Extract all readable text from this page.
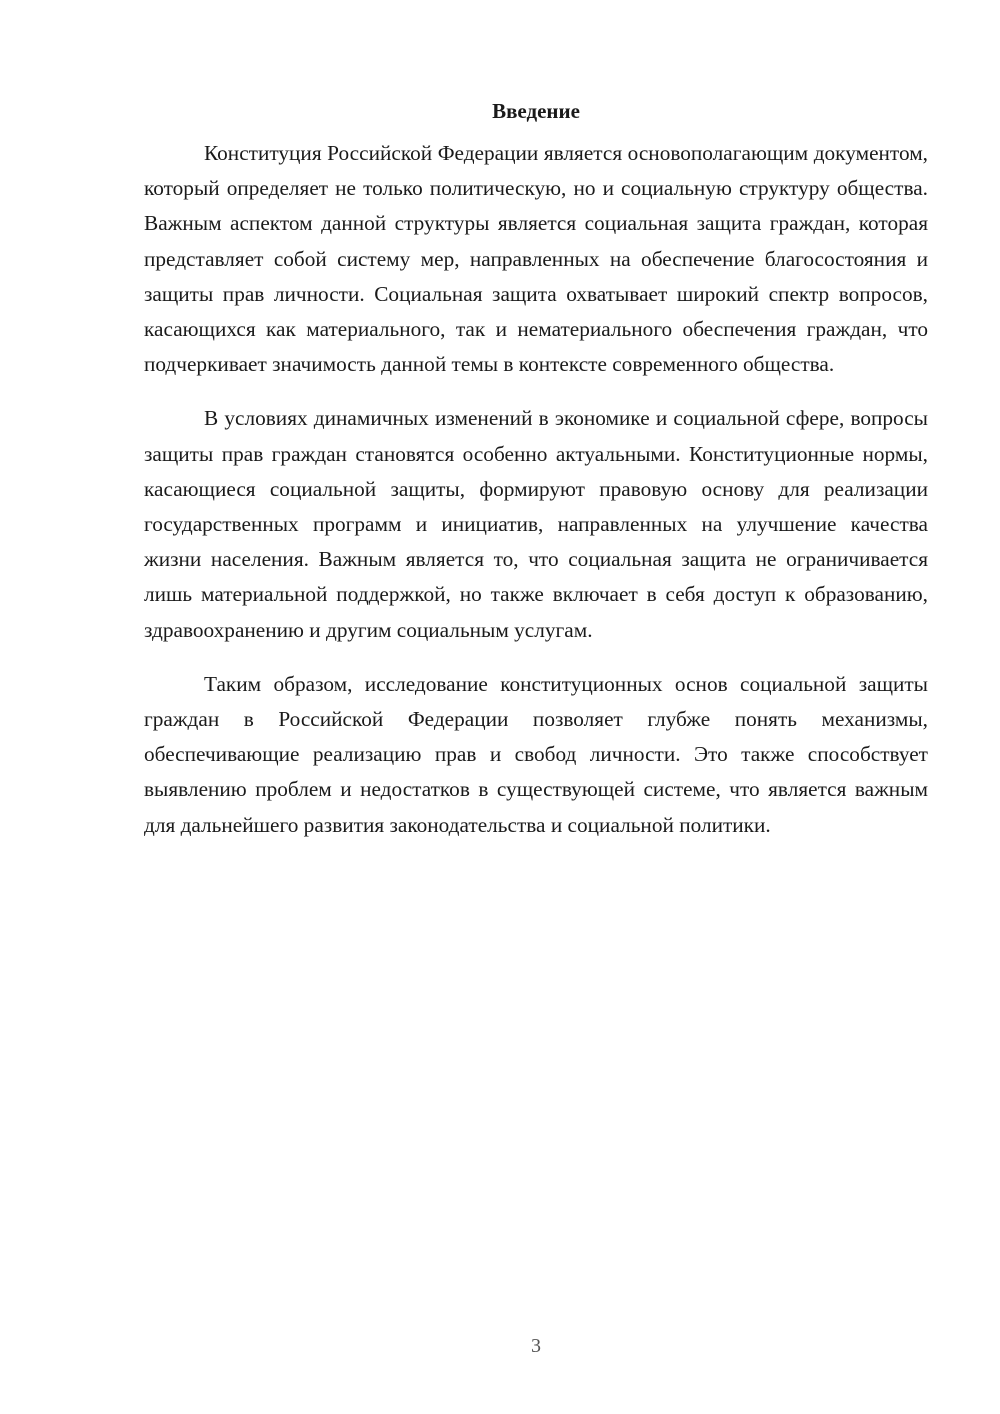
Введение

Конституция Российской Федерации является основополагающим документом, который определяет не только политическую, но и социальную структуру общества. Важным аспектом данной структуры является социальная защита граждан, которая представляет собой систему мер, направленных на обеспечение благосостояния и защиты прав личности. Социальная защита охватывает широкий спектр вопросов, касающихся как материального, так и нематериального обеспечения граждан, что подчеркивает значимость данной темы в контексте современного общества.

В условиях динамичных изменений в экономике и социальной сфере, вопросы защиты прав граждан становятся особенно актуальными. Конституционные нормы, касающиеся социальной защиты, формируют правовую основу для реализации государственных программ и инициатив, направленных на улучшение качества жизни населения. Важным является то, что социальная защита не ограничивается лишь материальной поддержкой, но также включает в себя доступ к образованию, здравоохранению и другим социальным услугам.

Таким образом, исследование конституционных основ социальной защиты граждан в Российской Федерации позволяет глубже понять механизмы, обеспечивающие реализацию прав и свобод личности. Это также способствует выявлению проблем и недостатков в существующей системе, что является важным для дальнейшего развития законодательства и социальной политики.

3
